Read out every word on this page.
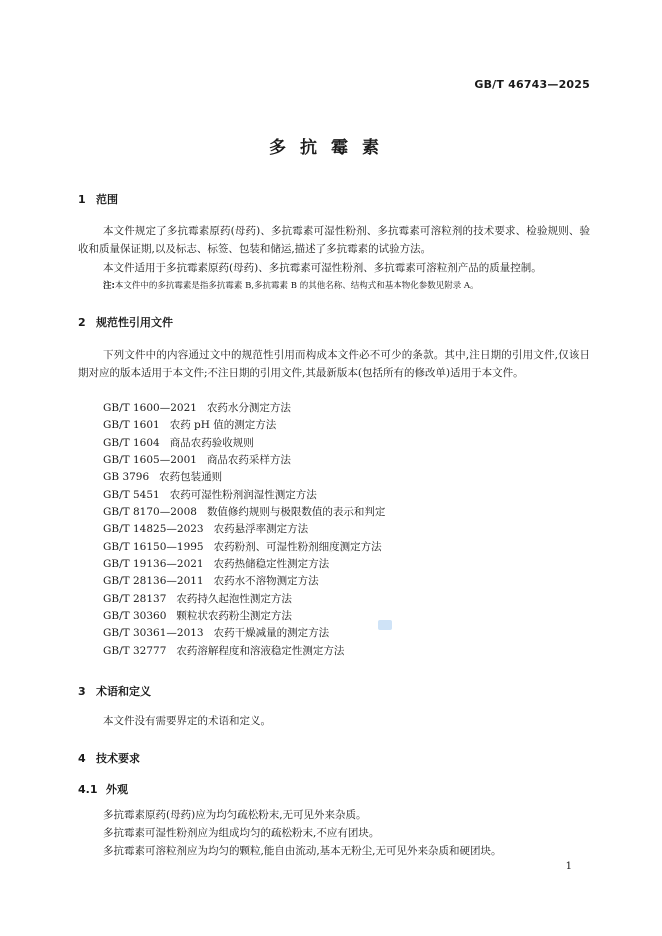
GB/T 46743—2025
多抗霉素
1 范围
本文件规定了多抗霉素原药(母药)、多抗霉素可湿性粉剂、多抗霉素可溶粒剂的技术要求、检验规则、验收和质量保证期,以及标志、标签、包装和储运,描述了多抗霉素的试验方法。
本文件适用于多抗霉素原药(母药)、多抗霉素可湿性粉剂、多抗霉素可溶粒剂产品的质量控制。
注:本文件中的多抗霉素是指多抗霉素 B,多抗霉素 B 的其他名称、结构式和基本物化参数见附录 A。
2 规范性引用文件
下列文件中的内容通过文中的规范性引用而构成本文件必不可少的条款。其中,注日期的引用文件,仅该日期对应的版本适用于本文件;不注日期的引用文件,其最新版本(包括所有的修改单)适用于本文件。
GB/T 1600—2021 农药水分测定方法
GB/T 1601 农药 pH 值的测定方法
GB/T 1604 商品农药验收规则
GB/T 1605—2001 商品农药采样方法
GB 3796 农药包装通则
GB/T 5451 农药可湿性粉剂润湿性测定方法
GB/T 8170—2008 数值修约规则与极限数值的表示和判定
GB/T 14825—2023 农药悬浮率测定方法
GB/T 16150—1995 农药粉剂、可湿性粉剂细度测定方法
GB/T 19136—2021 农药热储稳定性测定方法
GB/T 28136—2011 农药水不溶物测定方法
GB/T 28137 农药持久起泡性测定方法
GB/T 30360 颗粒状农药粉尘测定方法
GB/T 30361—2013 农药干燥减量的测定方法
GB/T 32777 农药溶解程度和溶液稳定性测定方法
3 术语和定义
本文件没有需要界定的术语和定义。
4 技术要求
4.1 外观
多抗霉素原药(母药)应为均匀疏松粉末,无可见外来杂质。
多抗霉素可湿性粉剂应为组成均匀的疏松粉末,不应有团块。
多抗霉素可溶粒剂应为均匀的颗粒,能自由流动,基本无粉尘,无可见外来杂质和硬团块。
1
